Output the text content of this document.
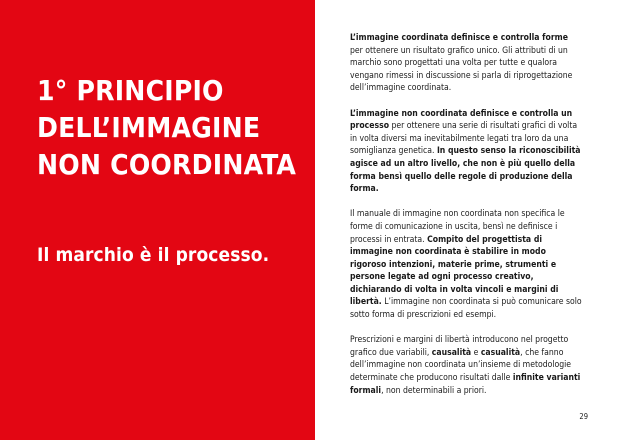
1° PRINCIPIO
DELL’IMMAGINE
NON COORDINATA
Il marchio è il processo.

L’immagine coordinata definisce e controlla forme per ottenere un risultato grafico unico. Gli attributi di un marchio sono progettati una volta per tutte e qualora vengano rimessi in discussione si parla di riprogettazione dell’immagine coordinata.

L’immagine non coordinata definisce e controlla un processo per ottenere una serie di risultati grafici di volta in volta diversi ma inevitabilmente legati tra loro da una somiglianza genetica. In questo senso la riconoscibilità agisce ad un altro livello, che non è più quello della forma bensì quello delle regole di produzione della forma.

Il manuale di immagine non coordinata non specifica le forme di comunicazione in uscita, bensì ne definisce i processi in entrata. Compito del progettista di immagine non coordinata è stabilire in modo rigoroso intenzioni, materie prime, strumenti e persone legate ad ogni processo creativo, dichiarando di volta in volta vincoli e margini di libertà. L’immagine non coordinata si può comunicare solo sotto forma di prescrizioni ed esempi.

Prescrizioni e margini di libertà introducono nel progetto grafico due variabili, causalità e casualità, che fanno dell’immagine non coordinata un’insieme di metodologie determinate che producono risultati dalle infinite varianti formali, non determinabili a priori.

29
